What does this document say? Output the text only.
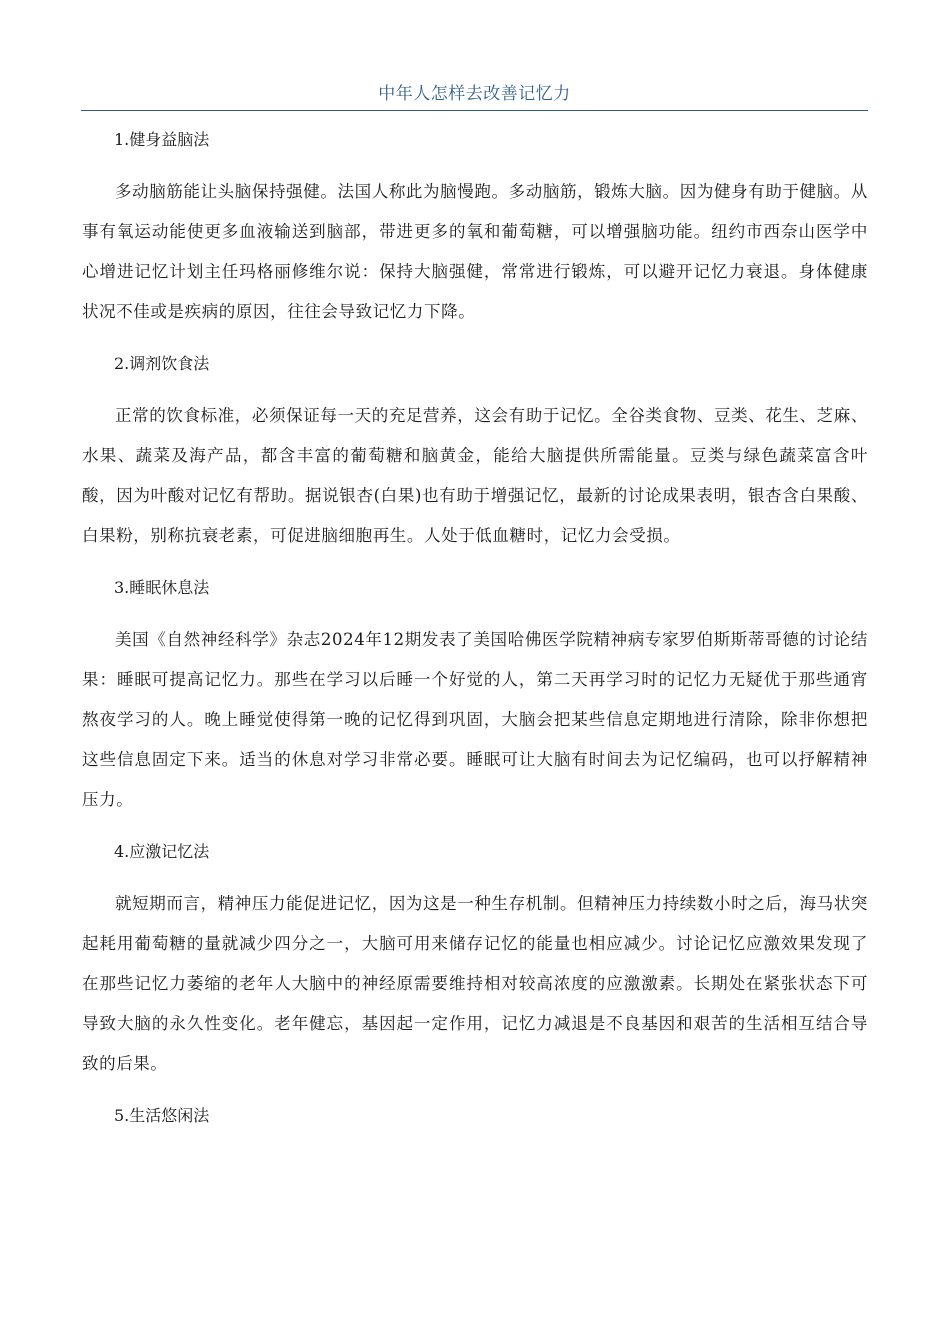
中年人怎样去改善记忆力

1.健身益脑法

多动脑筋能让头脑保持强健。法国人称此为脑慢跑。多动脑筋，锻炼大脑。因为健身有助于健脑。从事有氧运动能使更多血液输送到脑部，带进更多的氧和葡萄糖，可以增强脑功能。纽约市西奈山医学中心增进记忆计划主任玛格丽修维尔说：保持大脑强健，常常进行锻炼，可以避开记忆力衰退。身体健康状况不佳或是疾病的原因，往往会导致记忆力下降。

2.调剂饮食法

正常的饮食标准，必须保证每一天的充足营养，这会有助于记忆。全谷类食物、豆类、花生、芝麻、水果、蔬菜及海产品，都含丰富的葡萄糖和脑黄金，能给大脑提供所需能量。豆类与绿色蔬菜富含叶酸，因为叶酸对记忆有帮助。据说银杏(白果)也有助于增强记忆，最新的讨论成果表明，银杏含白果酸、白果粉，别称抗衰老素，可促进脑细胞再生。人处于低血糖时，记忆力会受损。

3.睡眠休息法

美国《自然神经科学》杂志2024年12期发表了美国哈佛医学院精神病专家罗伯斯斯蒂哥德的讨论结果：睡眠可提高记忆力。那些在学习以后睡一个好觉的人，第二天再学习时的记忆力无疑优于那些通宵熬夜学习的人。晚上睡觉使得第一晚的记忆得到巩固，大脑会把某些信息定期地进行清除，除非你想把这些信息固定下来。适当的休息对学习非常必要。睡眠可让大脑有时间去为记忆编码，也可以抒解精神压力。

4.应激记忆法

就短期而言，精神压力能促进记忆，因为这是一种生存机制。但精神压力持续数小时之后，海马状突起耗用葡萄糖的量就减少四分之一，大脑可用来储存记忆的能量也相应减少。讨论记忆应激效果发现了在那些记忆力萎缩的老年人大脑中的神经原需要维持相对较高浓度的应激激素。长期处在紧张状态下可导致大脑的永久性变化。老年健忘，基因起一定作用，记忆力减退是不良基因和艰苦的生活相互结合导致的后果。

5.生活悠闲法
